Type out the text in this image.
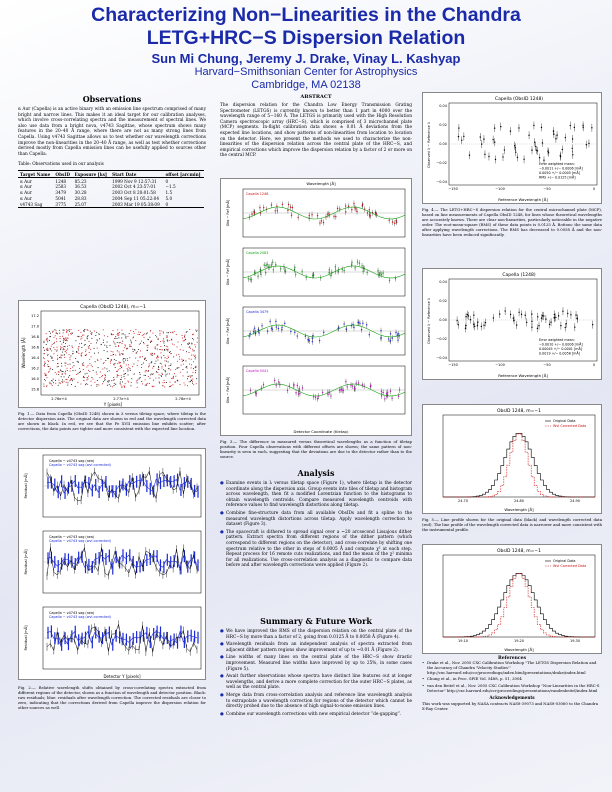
Characterizing Non−Linearities in the Chandra
LETG+HRC−S Dispersion Relation
Sun Mi Chung, Jeremy J. Drake, Vinay L. Kashyap
Harvard−Smithsonian Center for Astrophysics
Cambridge, MA 02138
Observations
α Aur (Capella) is an active binary with an emission line spectrum comprised of many bright and narrow lines. This makes it an ideal target for our calibration analyses, which involve cross-correlating spectra and the measurement of spectral lines. We also use data from a bright nova, v4743 Sagittae, whose spectrum shows many features in the 20–40 Å range, where there are not as many strong lines from Capella. Using v4743 Sagittae allows us to test whether our wavelength corrections improve the non-linearities in the 20–40 Å range, as well as test whether corrections derived mostly from Capella emission lines can be usefully applied to sources other than Capella.
Table: Observations used in our analysis
Target Name	ObsID	Exposure [ks]	Start Date	offset [arcmin]
α Aur	1248	85.23	1999 Nov 9 12:57:31	0
α Aur	2583	36.53	2002 Oct 4 23:57:01	−1.5
α Aur	3479	30.28	2003 Oct 8 20:01:58	1.5
α Aur	5041	28.83	2004 Sep 11 05:22:04	5.0
v4743 Sag	3775	25.07	2003 Mar 19 05:38:09	0
Capella (ObsID 1248), m=−1
17.2
17.0
16.8
16.6
16.4
16.2
16.0
15.8
2.76e+4	2.77e+4	2.78e+4
Y [pixels]
Wavelength [Å]
Fig. 1.— Data from Capella (ObsID 1248) shown in λ versus tiletap space, where tiletap is the detector dispersion axis. The original data are shown in red and the wavelength corrected data are shown in black. In red, we see that the Fe XVII emission line exhibits scatter; after corrections, the data points are tighter and more consistent with the expected line location.
Capella − v4743 sag (raw)
Capella − v4743 sag (wvl corrected)
Residual [mÅ]
Capella − v4743 sag (raw)
Capella − v4743 sag (wvl corrected)
Residual [mÅ]
Capella − v4743 sag (raw)
Capella − v4743 sag (wvl corrected)
Residual [mÅ]
Detector Y [pixels]
Fig. 2.— Relative wavelength shifts obtained by cross-correlating spectra extracted from different regions of the detector, shown as a function of wavelength and detector position. Black: raw residuals; blue: residuals after wavelength correction. The corrected residuals are closer to zero, indicating that the corrections derived from Capella improve the dispersion relation for other sources as well.
ABSTRACT
The dispersion relation for the Chandra Low Energy Transmission Grating Spectrometer (LETGS) is currently known to better than 1 part in 4000 over the wavelength range of 5−160 Å. The LETGS is primarily used with the High Resolution Camera spectroscopic array (HRC−S), which is comprised of 3 microchannel plate (MCP) segments. In-flight calibration data shows ± 0.01 Å deviations from the expected line locations, and show patterns of non-linearities from location to location on the detector. Here, we present the methods we used to characterize the non-linearities of the dispersion relation across the central plate of the HRC−S, and empirical corrections which improve the dispersion relation by a factor of 2 or more on the central MCP.
Wavelength [Å]
Capella 1248
Obs − Ref [mÅ]
Capella 2583
Obs − Ref [mÅ]
Capella 3479
Obs − Ref [mÅ]
Capella 5041
Obs − Ref [mÅ]
Detector Coordinate (tiletap)
Fig. 3.— The difference in measured versus theoretical wavelengths as a function of tiletap position. Four Capella observations with different offsets are shown; the same pattern of non-linearity is seen in each, suggesting that the deviations are due to the detector rather than to the source.
Analysis
● Examine events in λ versus tiletap space (Figure 1), where tiletap is the detector coordinate along the dispersion axis. Group events into tiles of tiletap and histogram across wavelength, then fit a modified Lorentzian function to the histograms to obtain wavelength centroids. Compare measured wavelength centroids with reference values to find wavelength distortions along tiletap.
● Combine fine-structure data from all available ObsIDs and fit a spline to the measured wavelength distortions across tiletap. Apply wavelength correction to dataset (Figure 3).
● The spacecraft is dithered to spread signal over a ~20 arcsecond Lissajous dither pattern. Extract spectra from different regions of the dither pattern (which correspond to different regions on the detector), and cross-correlate by shifting one spectrum relative to the other in steps of 0.0005 Å and compute χ² at each step. Repeat process for 16 remote cuts realizations, and find the mean of the χ² minima for all realizations. Use cross-correlation analysis as a diagnostic to compare data before and after wavelength corrections were applied (Figure 2).
Summary & Future Work
● We have improved the RMS of the dispersion relation on the central plate of the HRC−S by more than a factor of 2, going from 0.0125 Å to 0.0058 Å (Figure 4).
● Wavelength residuals from an independent analysis of spectra extracted from adjacent dither pattern regions show improvement of up to ~0.01 Å (Figure 2).
● Line widths of many lines on the central plate of the HRC−S show drastic improvement. Measured line widths have improved by up to 25%, in some cases (Figure 5).
● Await further observations whose spectra have distinct line features out at longer wavelengths, and derive a more complete correction for the outer HRC−S plates, as well as the central plate.
● Merge data from cross-correlation analysis and reference line wavelength analysis to extrapolate a wavelength correction for regions of the detector which cannot be directly probed due to the absence of high signal-to-noise emission lines.
● Combine our wavelength corrections with new empirical detector “de-gapping”.
Capella (ObsID 1248)
0.04
0.02
0.00
−0.02
−0.04
−150	−100	−50	0
Error weighted mean:
−0.0011 +/− 0.0006 [mÅ]
0.0050 +/− 0.0005 [mÅ]
RMS +/− 0.0125 [mÅ]
Reference Wavelength [Å]
Observed λ − Reference λ
Fig. 4.— The LETG+HRC−S dispersion relation for the central microchannel plate (MCP), based on line measurements of Capella ObsID 1248, for lines whose theoretical wavelengths are accurately known. There are clear non-linearities, particularly noticeable in the negative order. The root-mean-square (RMS) of these data points is 0.0125 Å. Bottom: the same data after applying wavelength corrections. The RMS has decreased to 0.0058 Å and the non-linearities have been reduced significantly.
Capella (1248)
0.04
0.02
0.00
−0.02
−0.04
−150	−100	−50	0
Error weighted mean:
−0.0010 +/− 0.0006 [mÅ]
0.00045 +/− 0.0001 [mÅ]
0.0019 +/− 0.0058 [mÅ]
Reference Wavelength [Å]
Observed λ − Reference λ
ObsID 1248, m=−1
Original Data
Wvl Corrected Data
24.70	24.80	24.90
Wavelength [Å]
Fig. 5.— Line profile shown for the original data (black) and wavelength corrected data (red). The line profile of the wavelength corrected data is narrower and more consistent with the instrumental profile.
ObsID 1248, m=−1
Original Data
Wvl Corrected Data
19.10	19.20	19.30
Wavelength [Å]
References
• Drake et al., Nov. 2005 CXC Calibration Workshop "The LETGS Dispersion Relation and the Accuracy of Chandra 'Velocity Studies'" http://cxc.harvard.edu/ccr/proceedings/index.html/presentations/drake/index.html
• Chung et al., in Proc. SPIE Vol. 5488, p. 51, 2004
• van den Beitel et al., Nov. 2005 CXC Calibration Workshop "Non-Linearities in the HRC-S Detector" http://cxc.harvard.edu/ccr/proceedings/presentations/vandenbeitel/index.html
Acknowledgements
This work was supported by NASA contracts NAS8-39073 and NAS8-03060 to the Chandra X-Ray Center.
